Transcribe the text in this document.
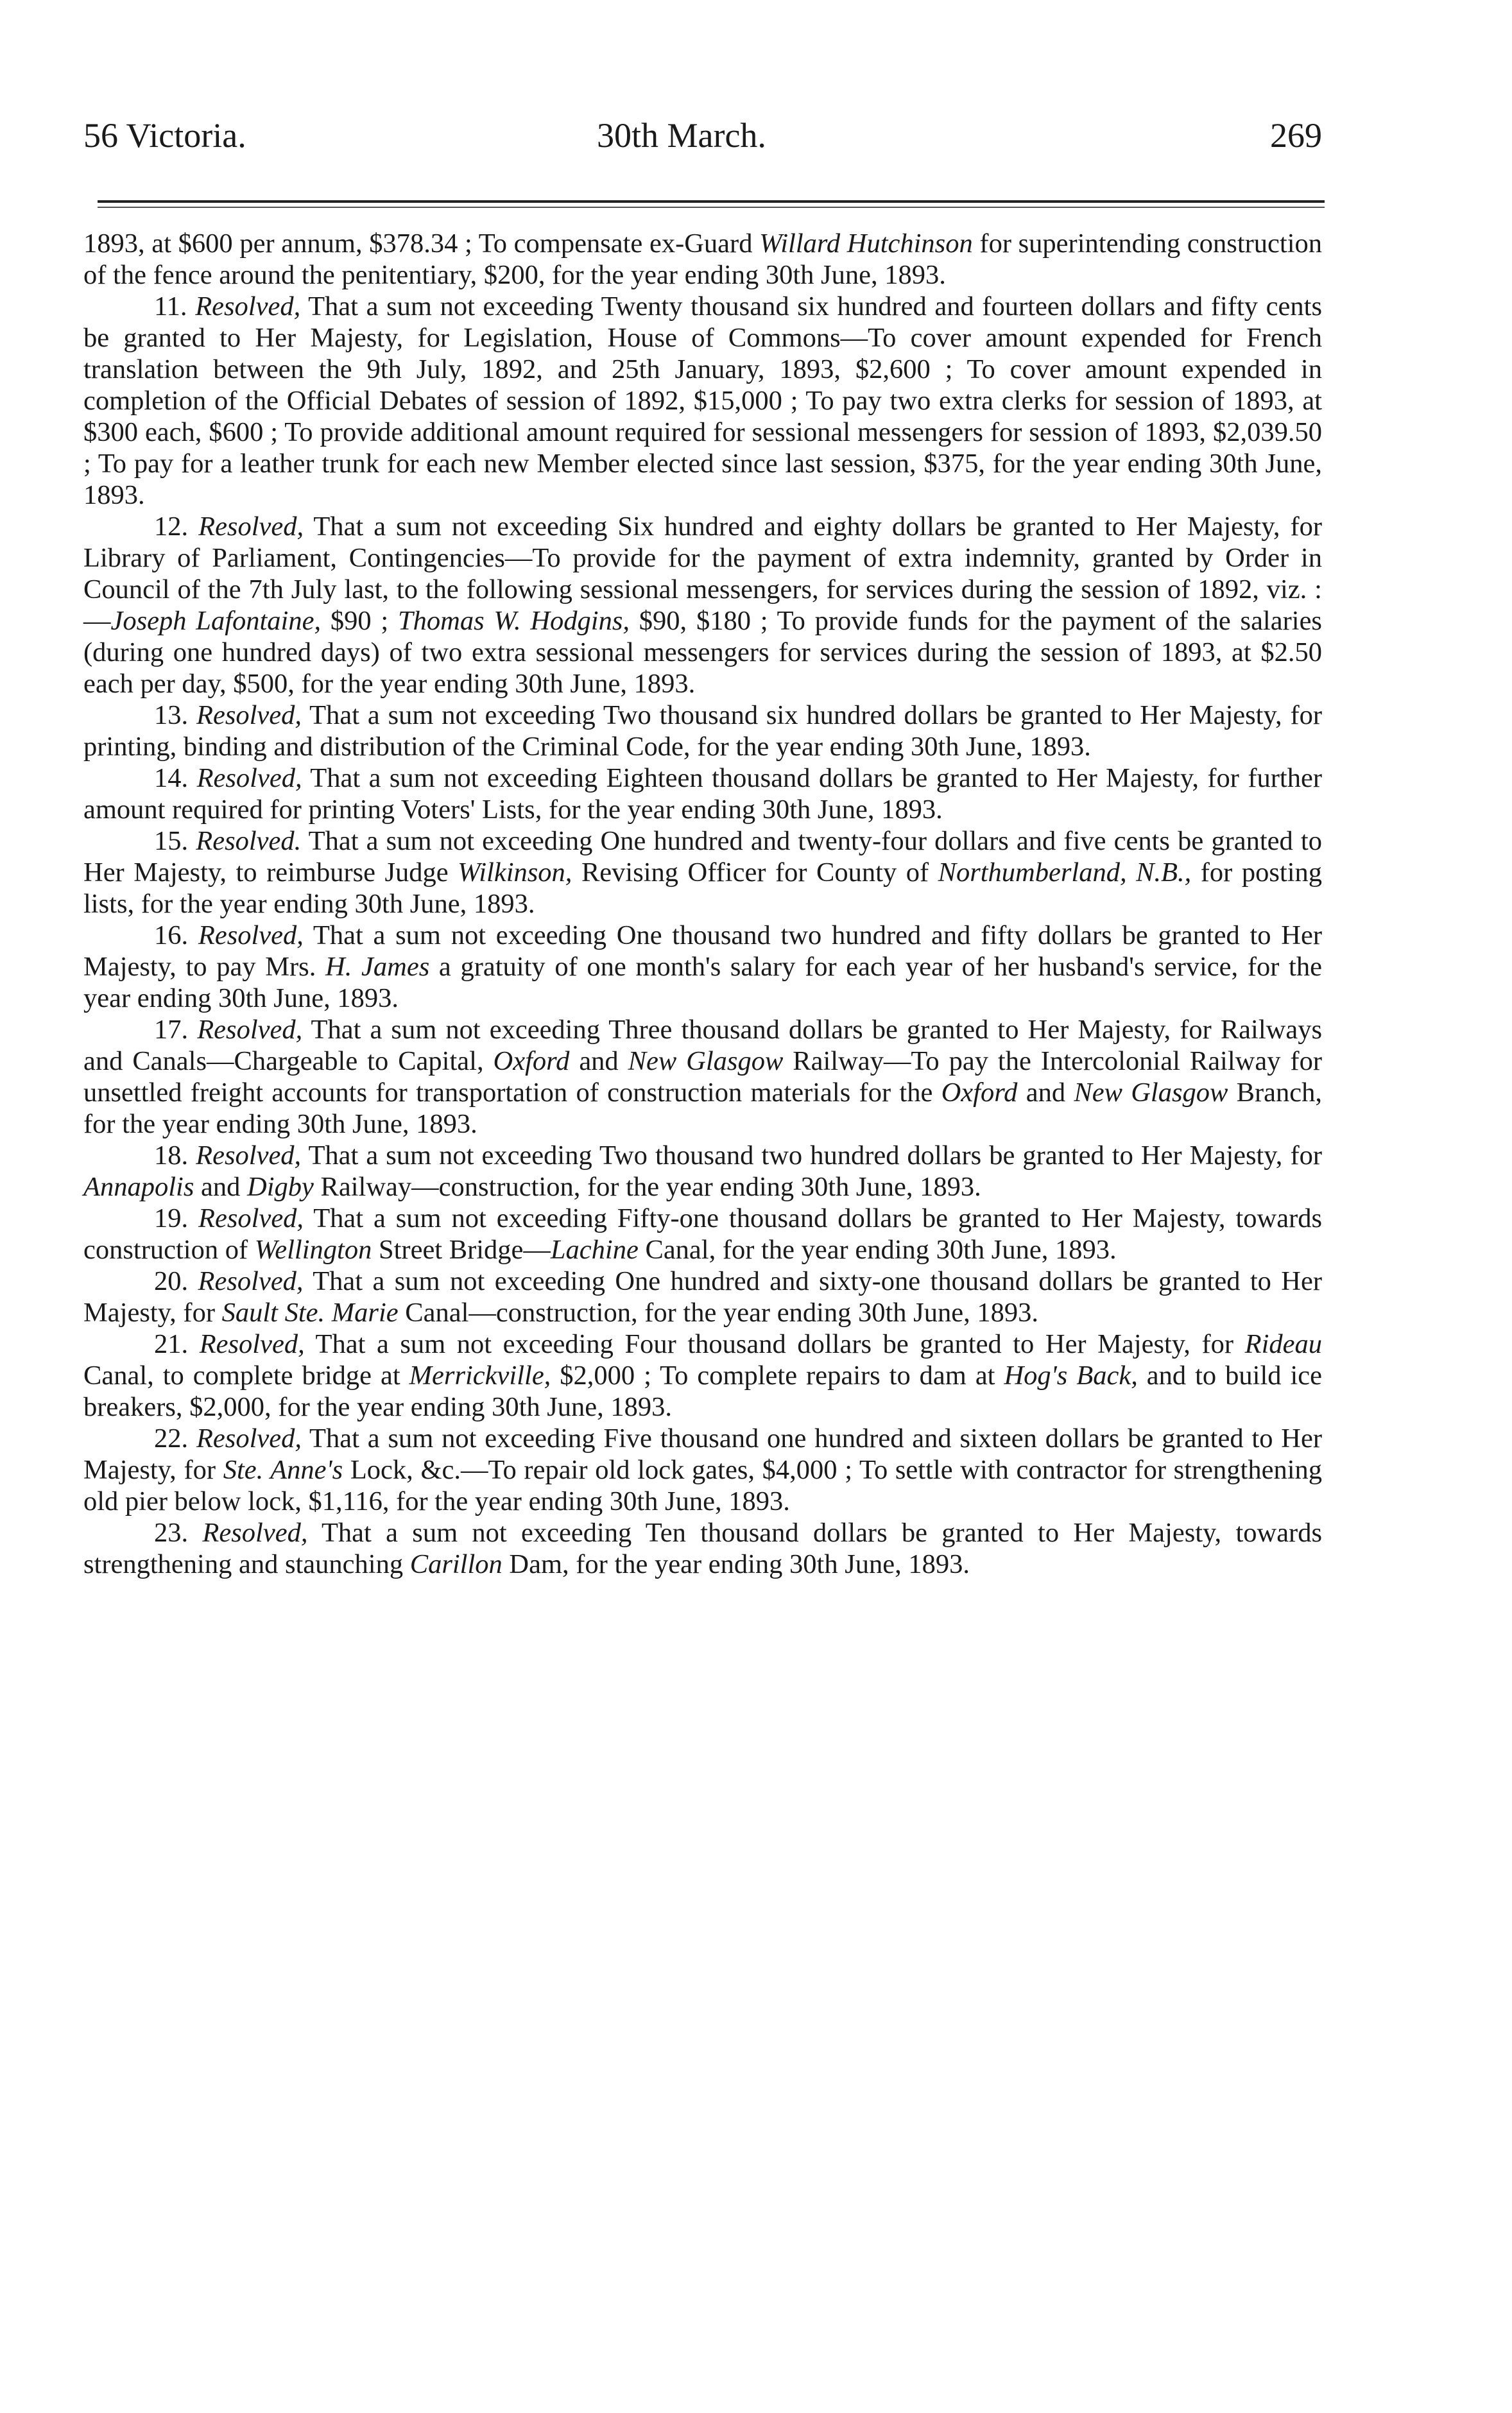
56 Victoria.	30th March.	269

1893, at $600 per annum, $378.34 ; To compensate ex-Guard Willard Hutchinson for superintending construction of the fence around the penitentiary, $200, for the year ending 30th June, 1893.

11. Resolved, That a sum not exceeding Twenty thousand six hundred and fourteen dollars and fifty cents be granted to Her Majesty, for Legislation, House of Commons—To cover amount expended for French translation between the 9th July, 1892, and 25th January, 1893, $2,600 ; To cover amount expended in completion of the Official Debates of session of 1892, $15,000 ; To pay two extra clerks for session of 1893, at $300 each, $600 ; To provide additional amount required for sessional messengers for session of 1893, $2,039.50 ; To pay for a leather trunk for each new Member elected since last session, $375, for the year ending 30th June, 1893.

12. Resolved, That a sum not exceeding Six hundred and eighty dollars be granted to Her Majesty, for Library of Parliament, Contingencies—To provide for the payment of extra indemnity, granted by Order in Council of the 7th July last, to the following sessional messengers, for services during the session of 1892, viz. :—Joseph Lafontaine, $90 ; Thomas W. Hodgins, $90, $180 ; To provide funds for the payment of the salaries (during one hundred days) of two extra sessional messengers for services during the session of 1893, at $2.50 each per day, $500, for the year ending 30th June, 1893.

13. Resolved, That a sum not exceeding Two thousand six hundred dollars be granted to Her Majesty, for printing, binding and distribution of the Criminal Code, for the year ending 30th June, 1893.

14. Resolved, That a sum not exceeding Eighteen thousand dollars be granted to Her Majesty, for further amount required for printing Voters' Lists, for the year ending 30th June, 1893.

15. Resolved. That a sum not exceeding One hundred and twenty-four dollars and five cents be granted to Her Majesty, to reimburse Judge Wilkinson, Revising Officer for County of Northumberland, N.B., for posting lists, for the year ending 30th June, 1893.

16. Resolved, That a sum not exceeding One thousand two hundred and fifty dollars be granted to Her Majesty, to pay Mrs. H. James a gratuity of one month's salary for each year of her husband's service, for the year ending 30th June, 1893.

17. Resolved, That a sum not exceeding Three thousand dollars be granted to Her Majesty, for Railways and Canals—Chargeable to Capital, Oxford and New Glasgow Railway—To pay the Intercolonial Railway for unsettled freight accounts for transportation of construction materials for the Oxford and New Glasgow Branch, for the year ending 30th June, 1893.

18. Resolved, That a sum not exceeding Two thousand two hundred dollars be granted to Her Majesty, for Annapolis and Digby Railway—construction, for the year ending 30th June, 1893.

19. Resolved, That a sum not exceeding Fifty-one thousand dollars be granted to Her Majesty, towards construction of Wellington Street Bridge—Lachine Canal, for the year ending 30th June, 1893.

20. Resolved, That a sum not exceeding One hundred and sixty-one thousand dollars be granted to Her Majesty, for Sault Ste. Marie Canal—construction, for the year ending 30th June, 1893.

21. Resolved, That a sum not exceeding Four thousand dollars be granted to Her Majesty, for Rideau Canal, to complete bridge at Merrickville, $2,000 ; To complete repairs to dam at Hog's Back, and to build ice breakers, $2,000, for the year ending 30th June, 1893.

22. Resolved, That a sum not exceeding Five thousand one hundred and sixteen dollars be granted to Her Majesty, for Ste. Anne's Lock, &c.—To repair old lock gates, $4,000 ; To settle with contractor for strengthening old pier below lock, $1,116, for the year ending 30th June, 1893.

23. Resolved, That a sum not exceeding Ten thousand dollars be granted to Her Majesty, towards strengthening and staunching Carillon Dam, for the year ending 30th June, 1893.
